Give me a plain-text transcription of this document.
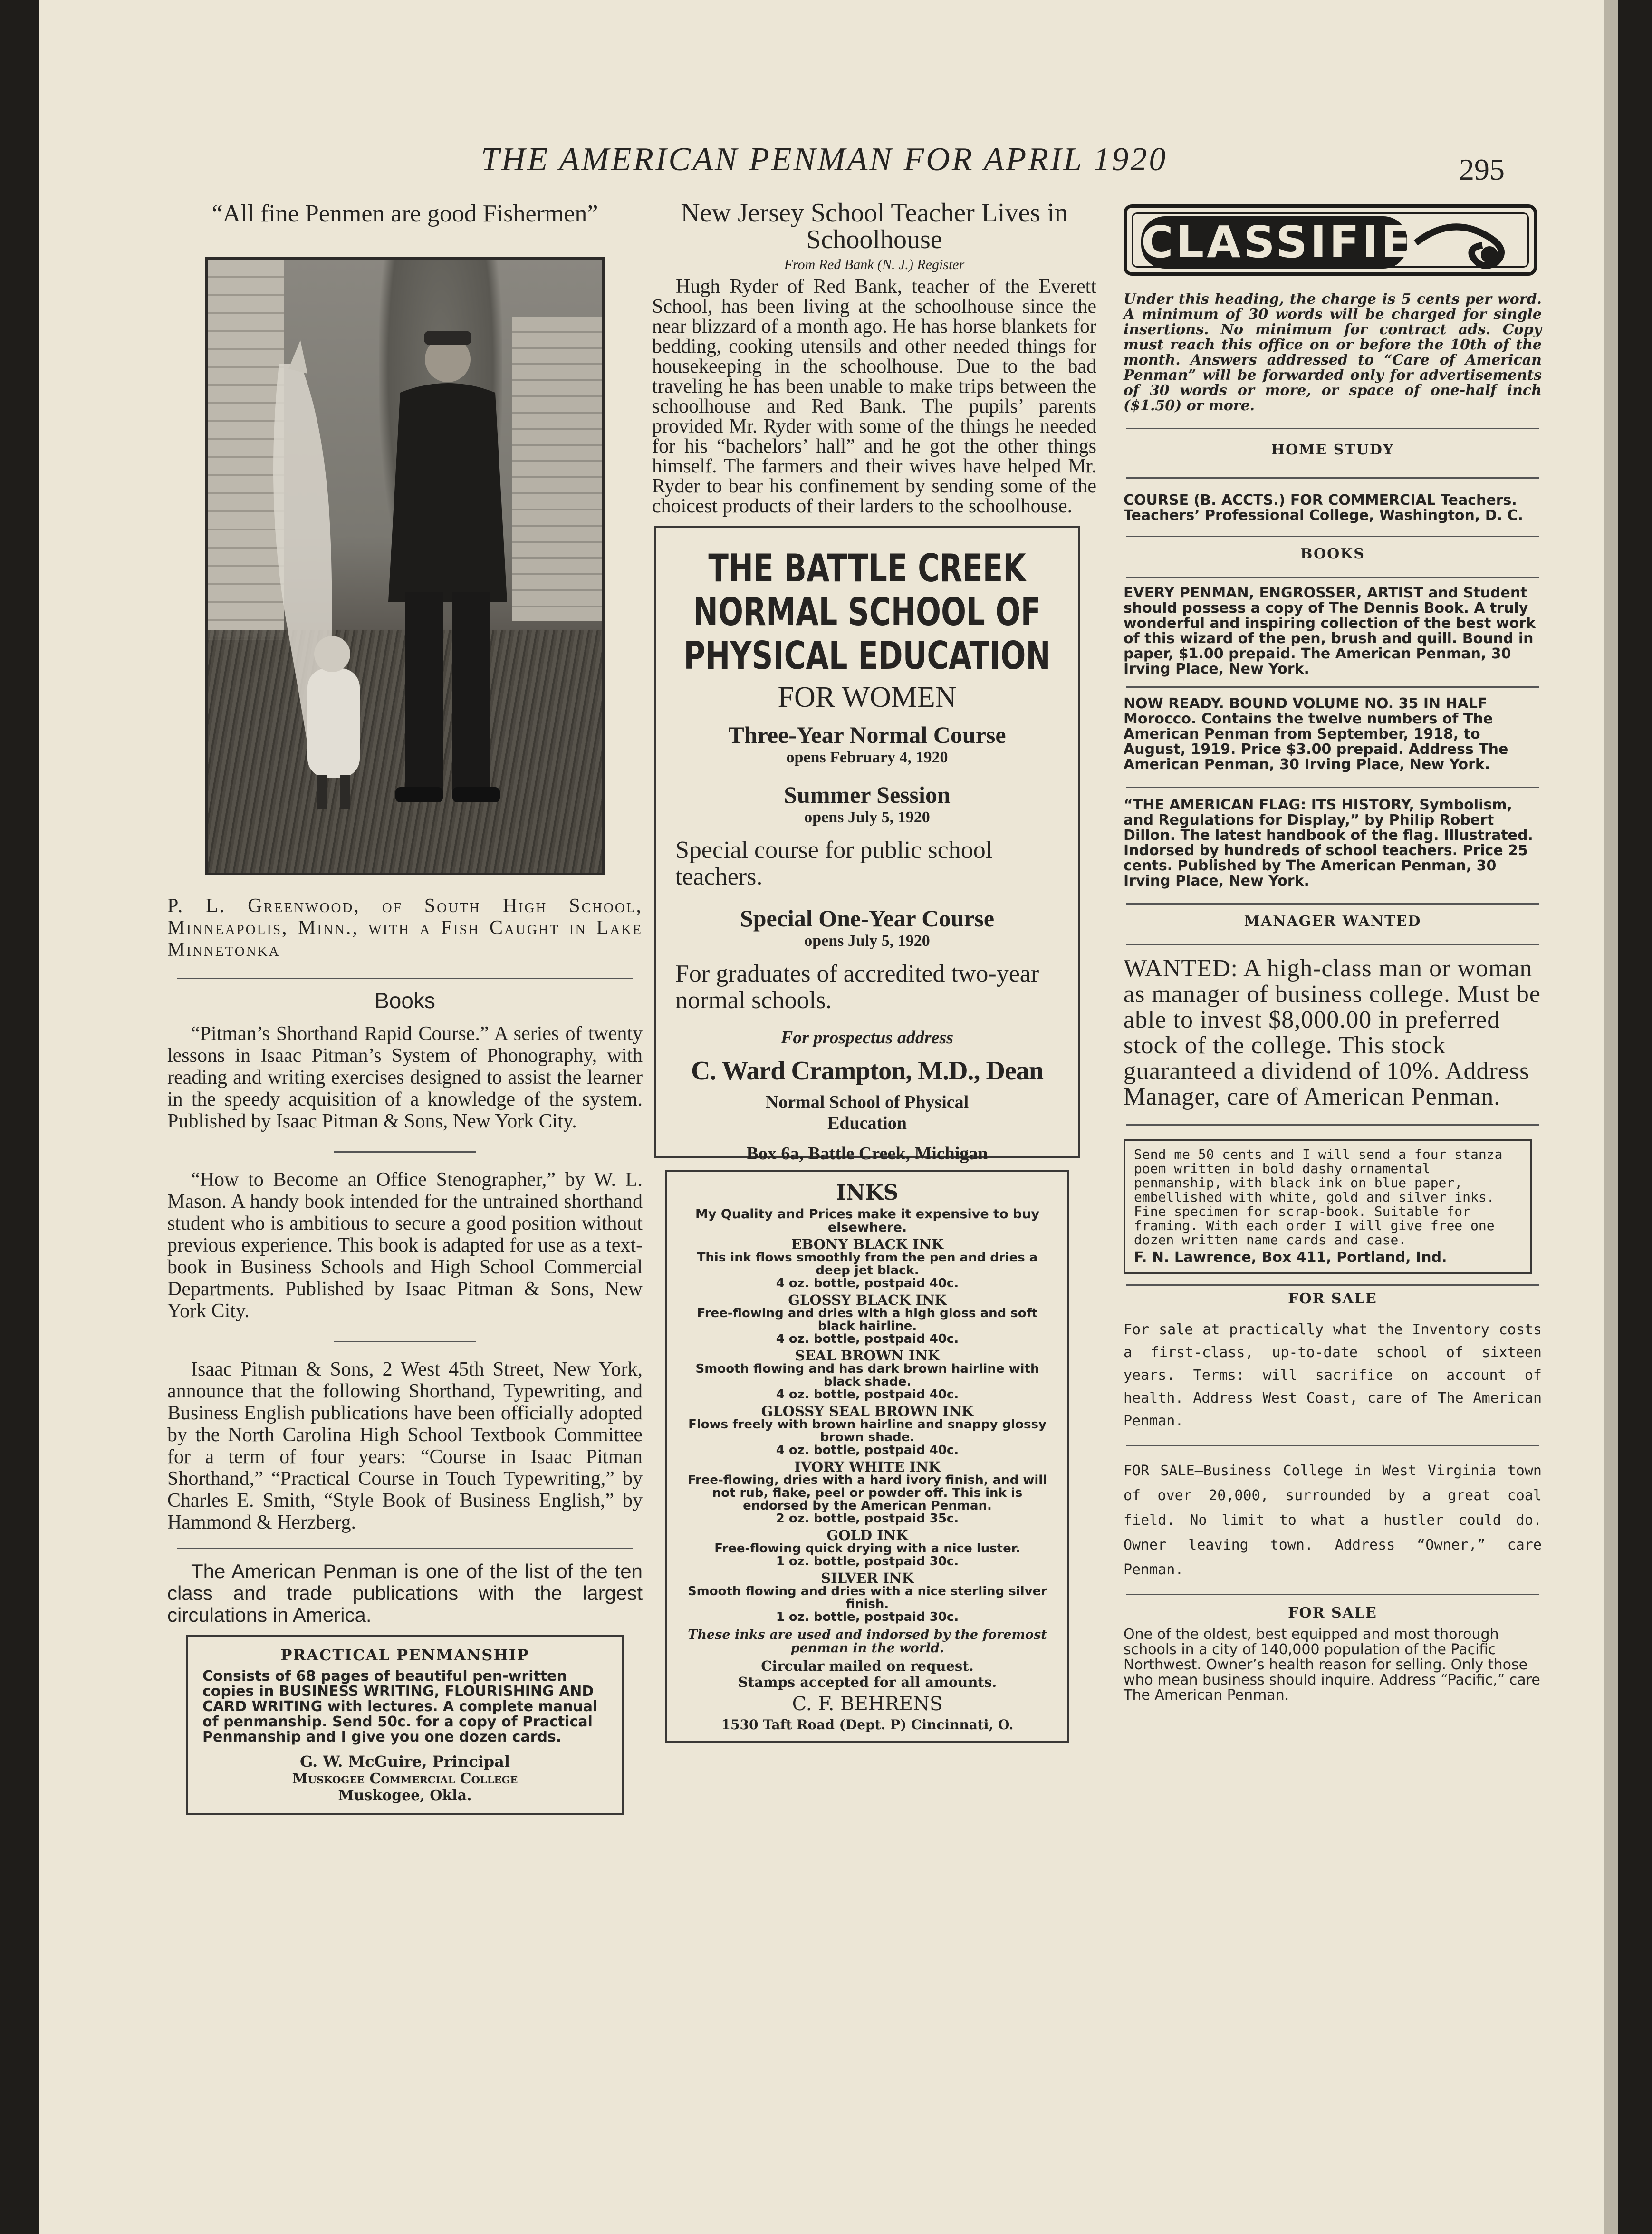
THE AMERICAN PENMAN FOR APRIL 1920	295
“All fine Penmen are good Fishermen”
P. L. Greenwood, of South High School, Minneapolis, Minn., with a Fish Caught in Lake Minnetonka
Books

“Pitman’s Shorthand Rapid Course.” A series of twenty lessons in Isaac Pitman’s System of Phonography, with reading and writing exercises designed to assist the learner in the speedy acquisition of a knowledge of the system. Published by Isaac Pitman & Sons, New York City.

“How to Become an Office Stenographer,” by W. L. Mason. A handy book intended for the untrained shorthand student who is ambitious to secure a good position without previous experience. This book is adapted for use as a text-book in Business Schools and High School Commercial Departments. Published by Isaac Pitman & Sons, New York City.

Isaac Pitman & Sons, 2 West 45th Street, New York, announce that the following Shorthand, Typewriting, and Business English publications have been officially adopted by the North Carolina High School Textbook Committee for a term of four years: “Course in Isaac Pitman Shorthand,” “Practical Course in Touch Typewriting,” by Charles E. Smith, “Style Book of Business English,” by Hammond & Herzberg.

The American Penman is one of the list of the ten class and trade publications with the largest circulations in America.

PRACTICAL PENMANSHIP
Consists of 68 pages of beautiful pen-written copies in BUSINESS WRITING, FLOURISHING AND CARD WRITING with lectures. A complete manual of penmanship. Send 50c. for a copy of Practical Penmanship and I give you one dozen cards.
G. W. McGuire, Principal
Muskogee Commercial College
Muskogee, Okla.
New Jersey School Teacher Lives in Schoolhouse
From Red Bank (N. J.) Register

Hugh Ryder of Red Bank, teacher of the Everett School, has been living at the schoolhouse since the near blizzard of a month ago. He has horse blankets for bedding, cooking utensils and other needed things for housekeeping in the schoolhouse. Due to the bad traveling he has been unable to make trips between the schoolhouse and Red Bank. The pupils’ parents provided Mr. Ryder with some of the things he needed for his “bachelors’ hall” and he got the other things himself. The farmers and their wives have helped Mr. Ryder to bear his confinement by sending some of the choicest products of their larders to the schoolhouse.

THE BATTLE CREEK
NORMAL SCHOOL OF
PHYSICAL EDUCATION
FOR WOMEN
Three-Year Normal Course
opens February 4, 1920
Summer Session
opens July 5, 1920
Special course for public school teachers.
Special One-Year Course
opens July 5, 1920
For graduates of accredited two-year normal schools.
For prospectus address
C. Ward Crampton, M.D., Dean
Normal School of Physical
Education
Box 6a, Battle Creek, Michigan
INKS
My Quality and Prices make it expensive to buy elsewhere.
EBONY BLACK INK
This ink flows smoothly from the pen and dries a deep jet black.
4 oz. bottle, postpaid 40c.
GLOSSY BLACK INK
Free-flowing and dries with a high gloss and soft black hairline.
4 oz. bottle, postpaid 40c.
SEAL BROWN INK
Smooth flowing and has dark brown hairline with black shade.
4 oz. bottle, postpaid 40c.
GLOSSY SEAL BROWN INK
Flows freely with brown hairline and snappy glossy brown shade.
4 oz. bottle, postpaid 40c.
IVORY WHITE INK
Free-flowing, dries with a hard ivory finish, and will not rub, flake, peel or powder off. This ink is endorsed by the American Penman.
2 oz. bottle, postpaid 35c.
GOLD INK
Free-flowing quick drying with a nice luster.
1 oz. bottle, postpaid 30c.
SILVER INK
Smooth flowing and dries with a nice sterling silver finish.
1 oz. bottle, postpaid 30c.
These inks are used and indorsed by the foremost penman in the world.
Circular mailed on request.
Stamps accepted for all amounts.
C. F. BEHRENS
1530 Taft Road (Dept. P) Cincinnati, O.
CLASSIFIED
Under this heading, the charge is 5 cents per word. A minimum of 30 words will be charged for single insertions. No minimum for contract ads. Copy must reach this office on or before the 10th of the month. Answers addressed to “Care of American Penman” will be forwarded only for advertisements of 30 words or more, or space of one-half inch ($1.50) or more.
HOME STUDY
COURSE (B. ACCTS.) FOR COMMERCIAL Teachers. Teachers’ Professional College, Washington, D. C.
BOOKS
EVERY PENMAN, ENGROSSER, ARTIST and Student should possess a copy of The Dennis Book. A truly wonderful and inspiring collection of the best work of this wizard of the pen, brush and quill. Bound in paper, $1.00 prepaid. The American Penman, 30 Irving Place, New York.
NOW READY. BOUND VOLUME NO. 35 IN HALF Morocco. Contains the twelve numbers of The American Penman from September, 1918, to August, 1919. Price $3.00 prepaid. Address The American Penman, 30 Irving Place, New York.
“THE AMERICAN FLAG: ITS HISTORY, Symbolism, and Regulations for Display,” by Philip Robert Dillon. The latest handbook of the flag. Illustrated. Indorsed by hundreds of school teachers. Price 25 cents. Published by The American Penman, 30 Irving Place, New York.
MANAGER WANTED
WANTED: A high-class man or woman as manager of business college. Must be able to invest $8,000.00 in preferred stock of the college. This stock guaranteed a dividend of 10%. Address Manager, care of American Penman.
Send me 50 cents and I will send a four stanza poem written in bold dashy ornamental penmanship, with black ink on blue paper, embellished with white, gold and silver inks. Fine specimen for scrap-book. Suitable for framing. With each order I will give free one dozen written name cards and case.
F. N. Lawrence, Box 411, Portland, Ind.
FOR SALE
For sale at practically what the Inventory costs a first-class, up-to-date school of sixteen years. Terms: will sacrifice on account of health. Address West Coast, care of The American Penman.
FOR SALE—Business College in West Virginia town of over 20,000, surrounded by a great coal field. No limit to what a hustler could do. Owner leaving town. Address “Owner,” care Penman.
FOR SALE
One of the oldest, best equipped and most thorough schools in a city of 140,000 population of the Pacific Northwest. Owner’s health reason for selling. Only those who mean business should inquire. Address “Pacific,” care The American Penman.
